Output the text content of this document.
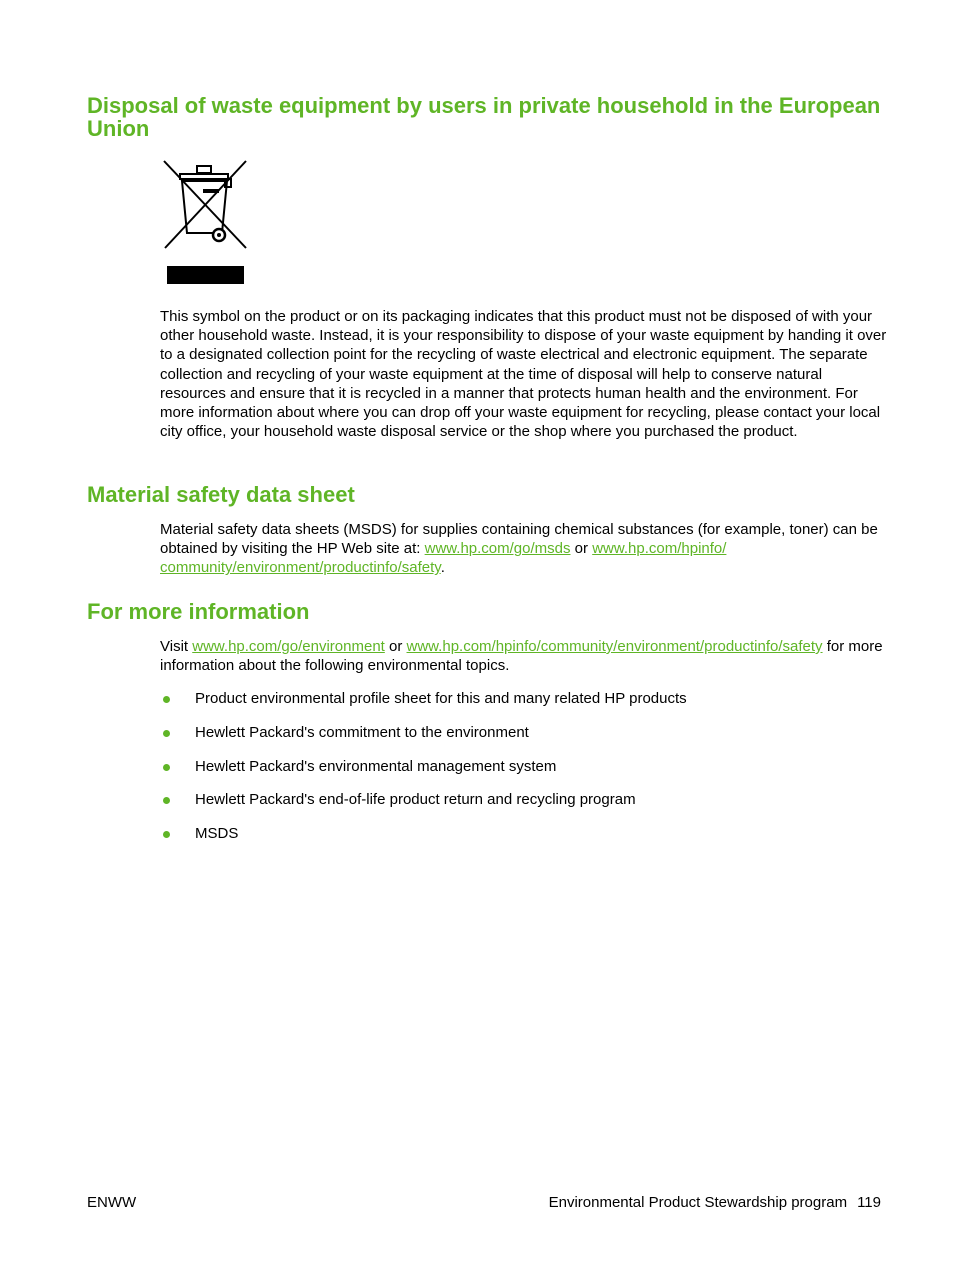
Disposal of waste equipment by users in private household in the European Union

This symbol on the product or on its packaging indicates that this product must not be disposed of with your other household waste. Instead, it is your responsibility to dispose of your waste equipment by handing it over to a designated collection point for the recycling of waste electrical and electronic equipment. The separate collection and recycling of your waste equipment at the time of disposal will help to conserve natural resources and ensure that it is recycled in a manner that protects human health and the environment. For more information about where you can drop off your waste equipment for recycling, please contact your local city office, your household waste disposal service or the shop where you purchased the product.

Material safety data sheet

Material safety data sheets (MSDS) for supplies containing chemical substances (for example, toner) can be obtained by visiting the HP Web site at: www.hp.com/go/msds or www.hp.com/hpinfo/ community/environment/productinfo/safety.

For more information

Visit www.hp.com/go/environment or www.hp.com/hpinfo/community/environment/productinfo/safety for more information about the following environmental topics.

Product environmental profile sheet for this and many related HP products
Hewlett Packard's commitment to the environment
Hewlett Packard's environmental management system
Hewlett Packard's end-of-life product return and recycling program
MSDS
ENWW	Environmental Product Stewardship program 119
